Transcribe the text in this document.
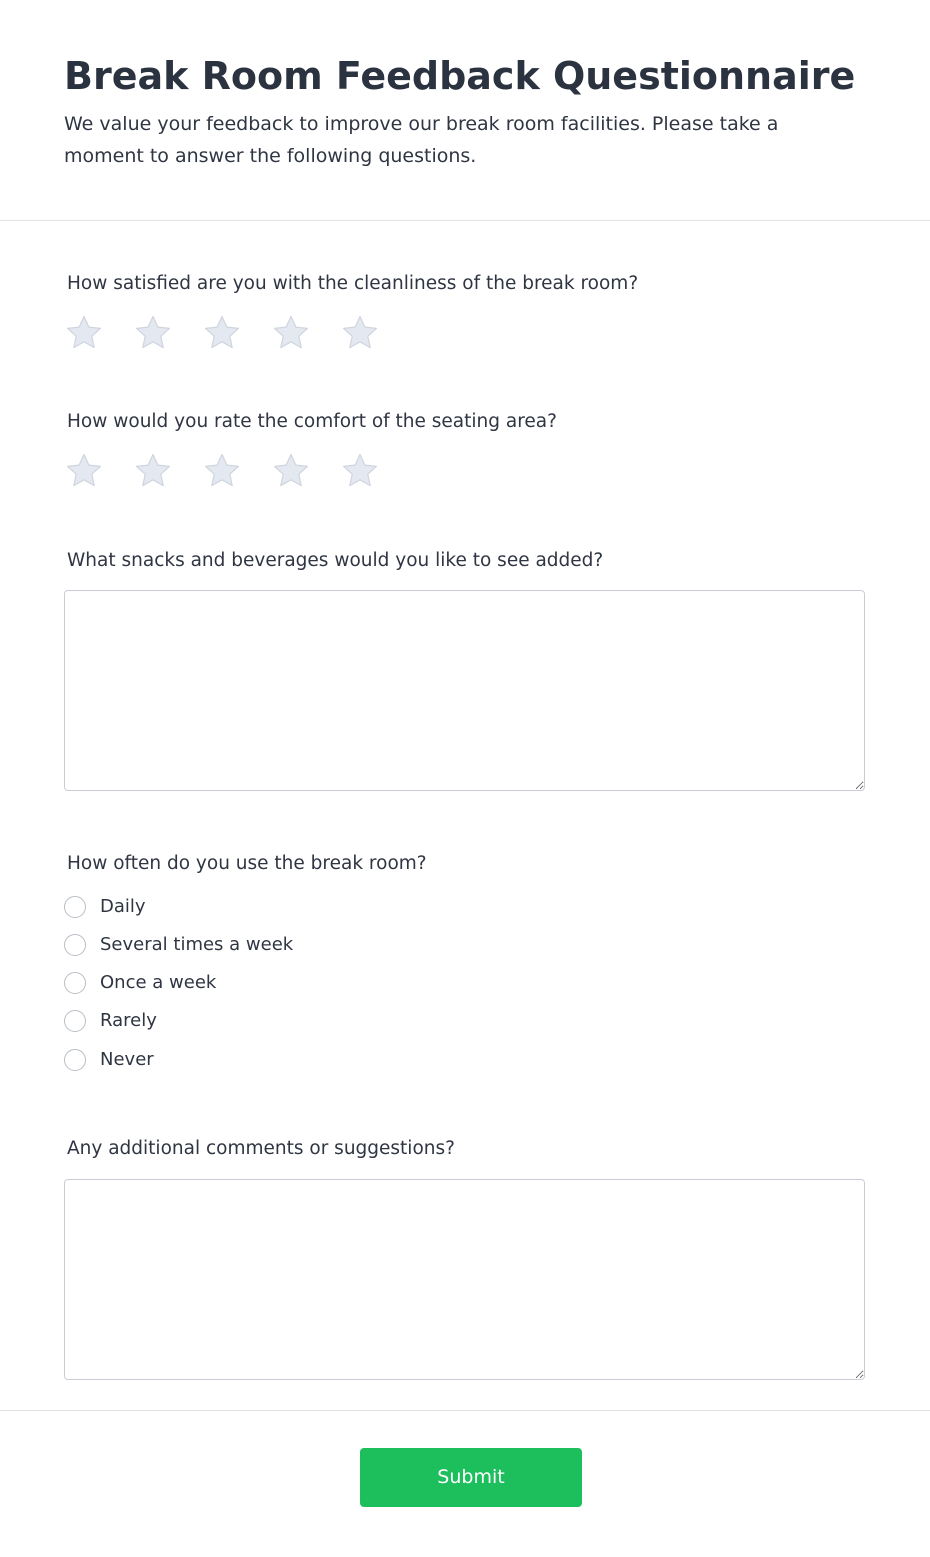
Break Room Feedback Questionnaire

We value your feedback to improve our break room facilities. Please take a moment to answer the following questions.

How satisfied are you with the cleanliness of the break room?
How would you rate the comfort of the seating area?
What snacks and beverages would you like to see added?
How often do you use the break room?
Daily
Several times a week
Once a week
Rarely
Never
Any additional comments or suggestions?
Submit
